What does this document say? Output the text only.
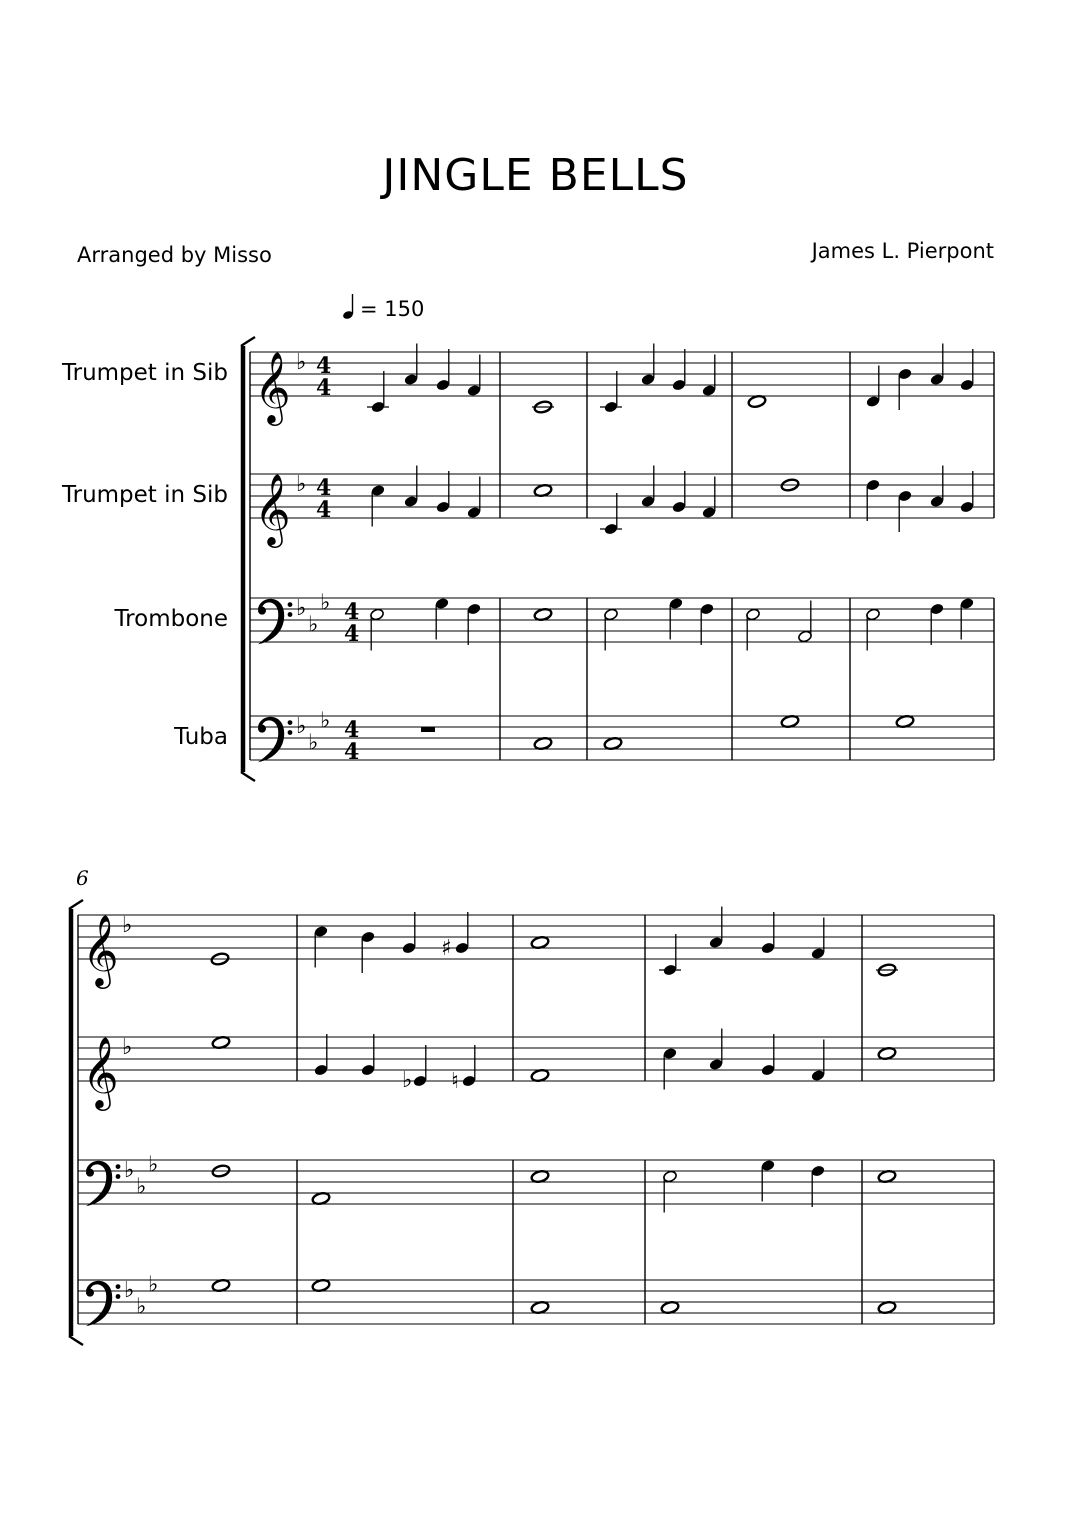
JINGLE BELLS
Arranged by Misso	James L. Pierpont
= 150
Trumpet in Sib
Trumpet in Sib
Trombone
Tuba
6
𝄞 ♭ 4
4
𝄞 ♭ 4
4
♭
♭
♭ 4
4
♭
♭
♭ 4
4
𝄞 ♭
𝄞 ♭
♭
♭
♭
♭
♭
♭
♯
♭ ♮
